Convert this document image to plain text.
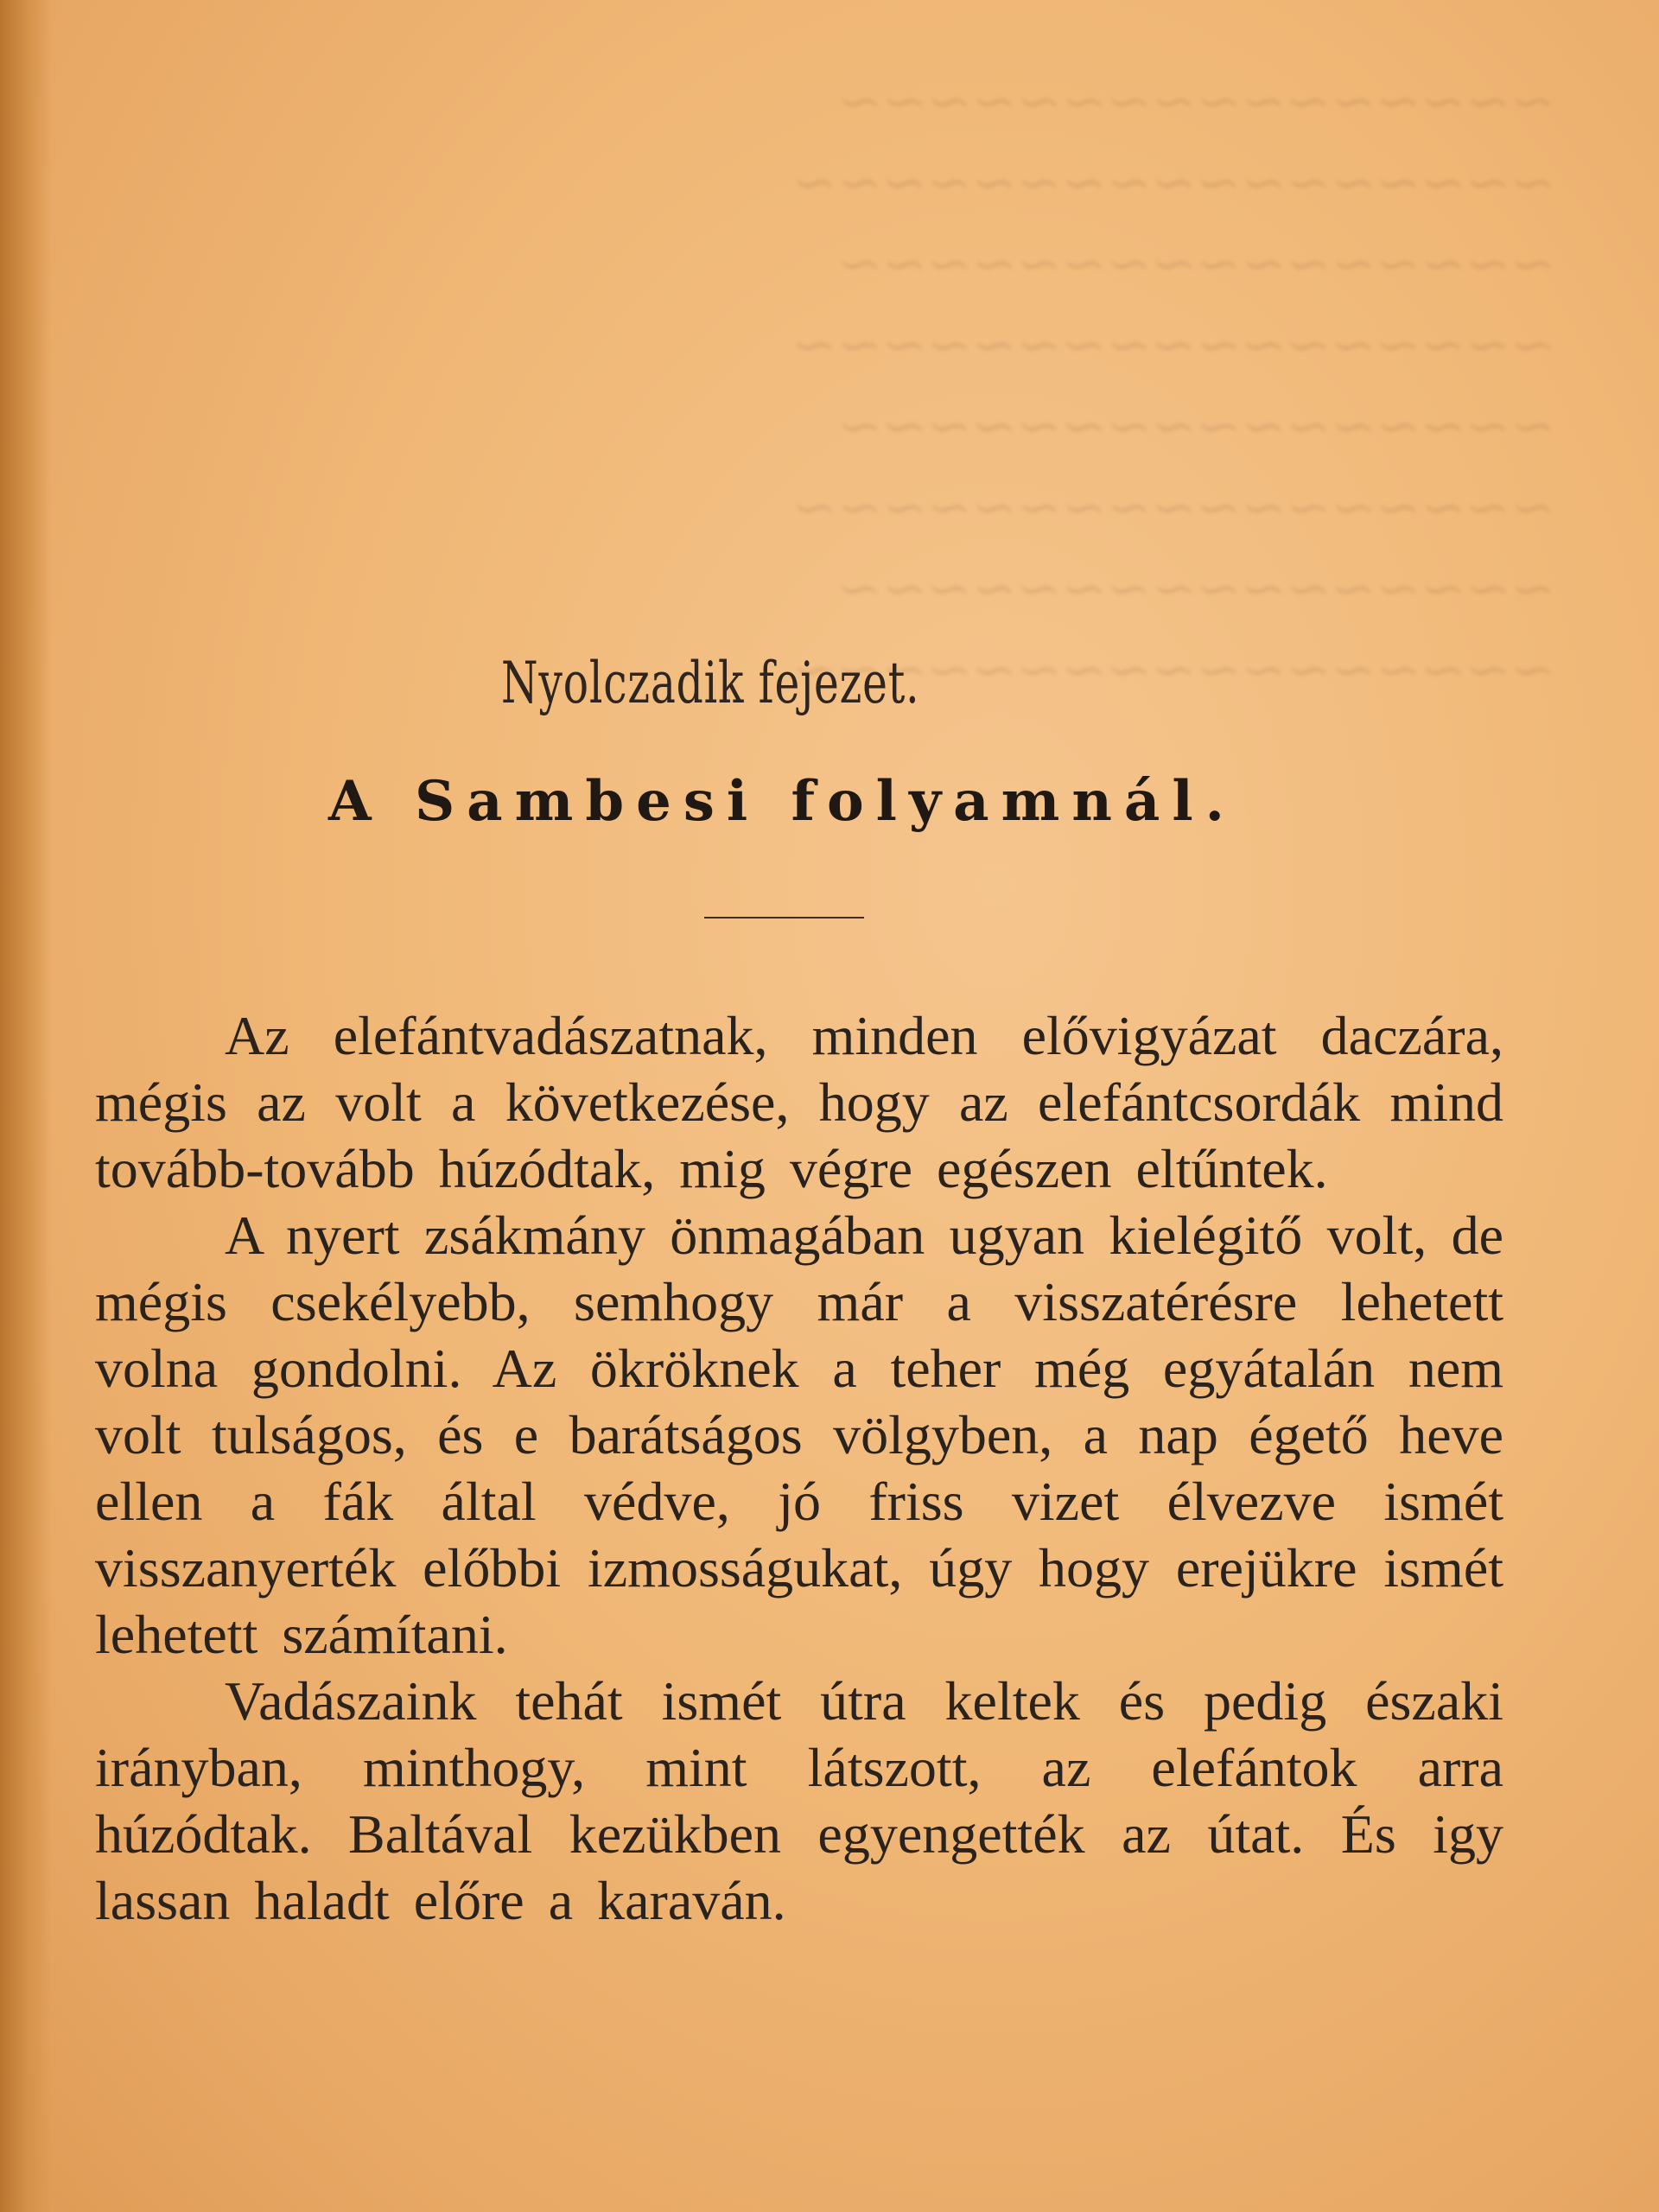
~~~~~~~~~~~~~~~~
~~~~~~~~~~~~~~~~~
~~~~~~~~~~~~~~~~
~~~~~~~~~~~~~~~~~
~~~~~~~~~~~~~~~~
~~~~~~~~~~~~~~~~~
~~~~~~~~~~~~~~~~
~~~~~~~~~~~~~~~~~
Nyolczadik fejezet.
A Sambesi folyamnál.

Az elefántvadászatnak, minden elővigyázat daczára, mégis az volt a következése, hogy az elefántcsordák mind tovább-tovább húzódtak, mig végre egészen eltűntek.

A nyert zsákmány önmagában ugyan kielégitő volt, de mégis csekélyebb, semhogy már a visszatérésre lehetett volna gondolni. Az ökröknek a teher még egyátalán nem volt tulságos, és e barátságos völgyben, a nap égető heve ellen a fák által védve, jó friss vizet élvezve ismét visszanyerték előbbi izmosságukat, úgy hogy erejükre ismét lehetett számítani.

Vadászaink tehát ismét útra keltek és pedig északi irányban, minthogy, mint látszott, az elefántok arra húzódtak. Baltával kezükben egyengették az útat. És igy lassan haladt előre a karaván.
